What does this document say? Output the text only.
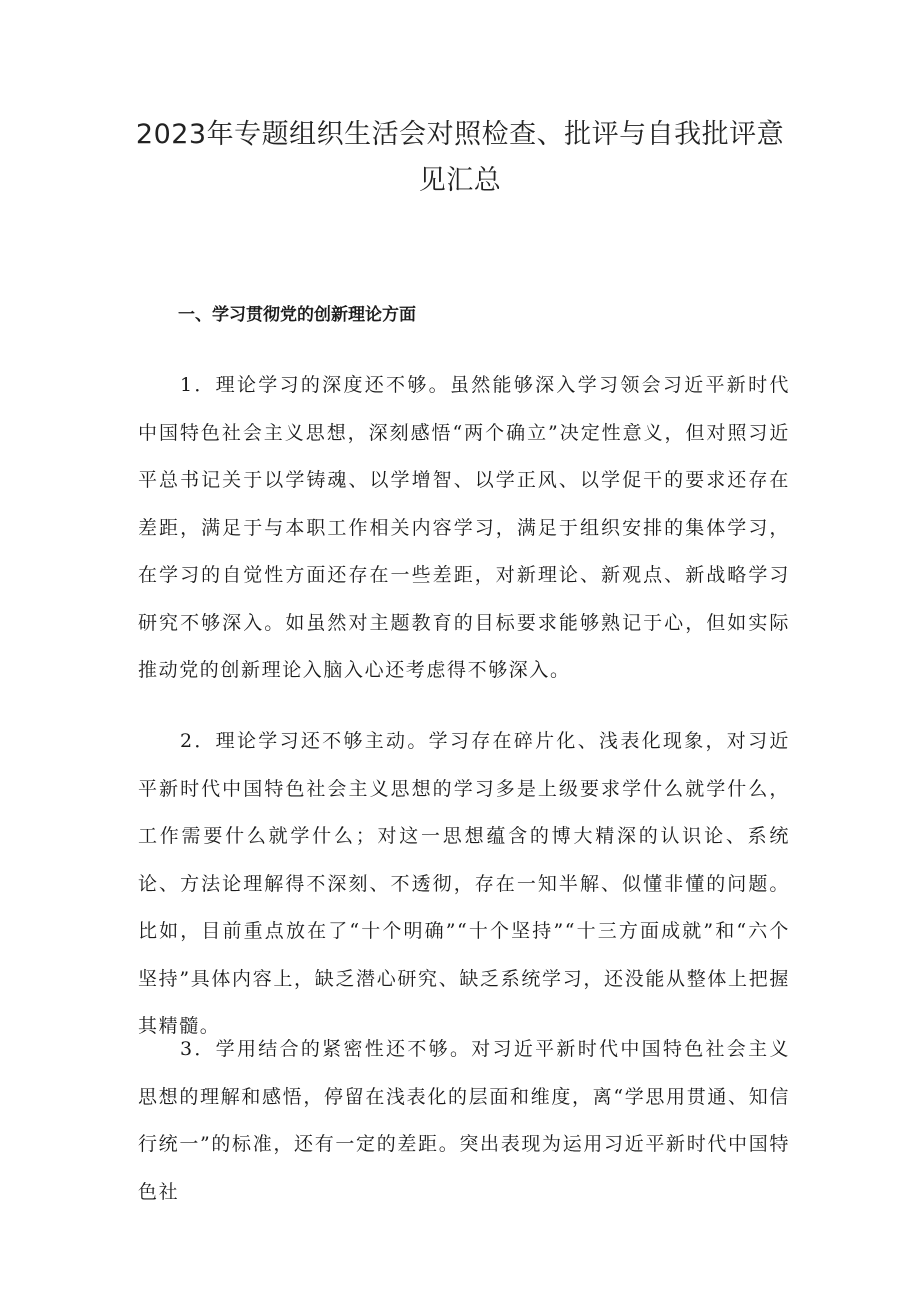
2023年专题组织生活会对照检查、批评与自我批评意见汇总
一、学习贯彻党的创新理论方面

1．理论学习的深度还不够。虽然能够深入学习领会习近平新时代中国特色社会主义思想，深刻感悟“两个确立”决定性意义，但对照习近平总书记关于以学铸魂、以学增智、以学正风、以学促干的要求还存在差距，满足于与本职工作相关内容学习，满足于组织安排的集体学习，在学习的自觉性方面还存在一些差距，对新理论、新观点、新战略学习研究不够深入。如虽然对主题教育的目标要求能够熟记于心，但如实际推动党的创新理论入脑入心还考虑得不够深入。

2．理论学习还不够主动。学习存在碎片化、浅表化现象，对习近平新时代中国特色社会主义思想的学习多是上级要求学什么就学什么，工作需要什么就学什么；对这一思想蕴含的博大精深的认识论、系统论、方法论理解得不深刻、不透彻，存在一知半解、似懂非懂的问题。比如，目前重点放在了“十个明确”“十个坚持”“十三方面成就”和“六个坚持”具体内容上，缺乏潜心研究、缺乏系统学习，还没能从整体上把握其精髓。

3．学用结合的紧密性还不够。对习近平新时代中国特色社会主义思想的理解和感悟，停留在浅表化的层面和维度，离“学思用贯通、知信行统一”的标准，还有一定的差距。突出表现为运用习近平新时代中国特色社
